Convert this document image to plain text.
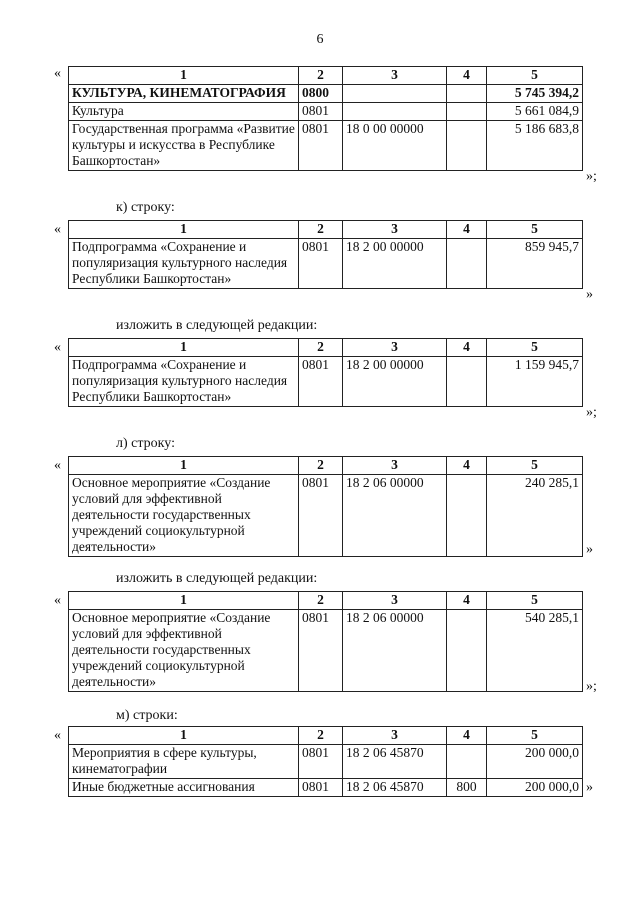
6
«	1	2	3	4	5
КУЛЬТУРА, КИНЕМАТОГРАФИЯ	0800			5 745 394,2
Культура	0801			5 661 084,9
Государственная программа «Развитие культуры и искусства в Республике Башкортостан»	0801	18 0 00 00000		5 186 683,8
»;
к) строку:
«	1	2	3	4	5
Подпрограмма «Сохранение и популяризация культурного наследия Республики Башкортостан»	0801	18 2 00 00000		859 945,7
»
изложить в следующей редакции:
«	1	2	3	4	5
Подпрограмма «Сохранение и популяризация культурного наследия Республики Башкортостан»	0801	18 2 00 00000		1 159 945,7
»;
л) строку:
«	1	2	3	4	5
Основное мероприятие «Создание условий для эффективной деятельности государственных учреждений социокультурной деятельности»	0801	18 2 06 00000		240 285,1
»
изложить в следующей редакции:
«	1	2	3	4	5
Основное мероприятие «Создание условий для эффективной деятельности государственных учреждений социокультурной деятельности»	0801	18 2 06 00000		540 285,1
»;
м) строки:
«	1	2	3	4	5
Мероприятия в сфере культуры, кинематографии	0801	18 2 06 45870		200 000,0
Иные бюджетные ассигнования	0801	18 2 06 45870	800	200 000,0 »
